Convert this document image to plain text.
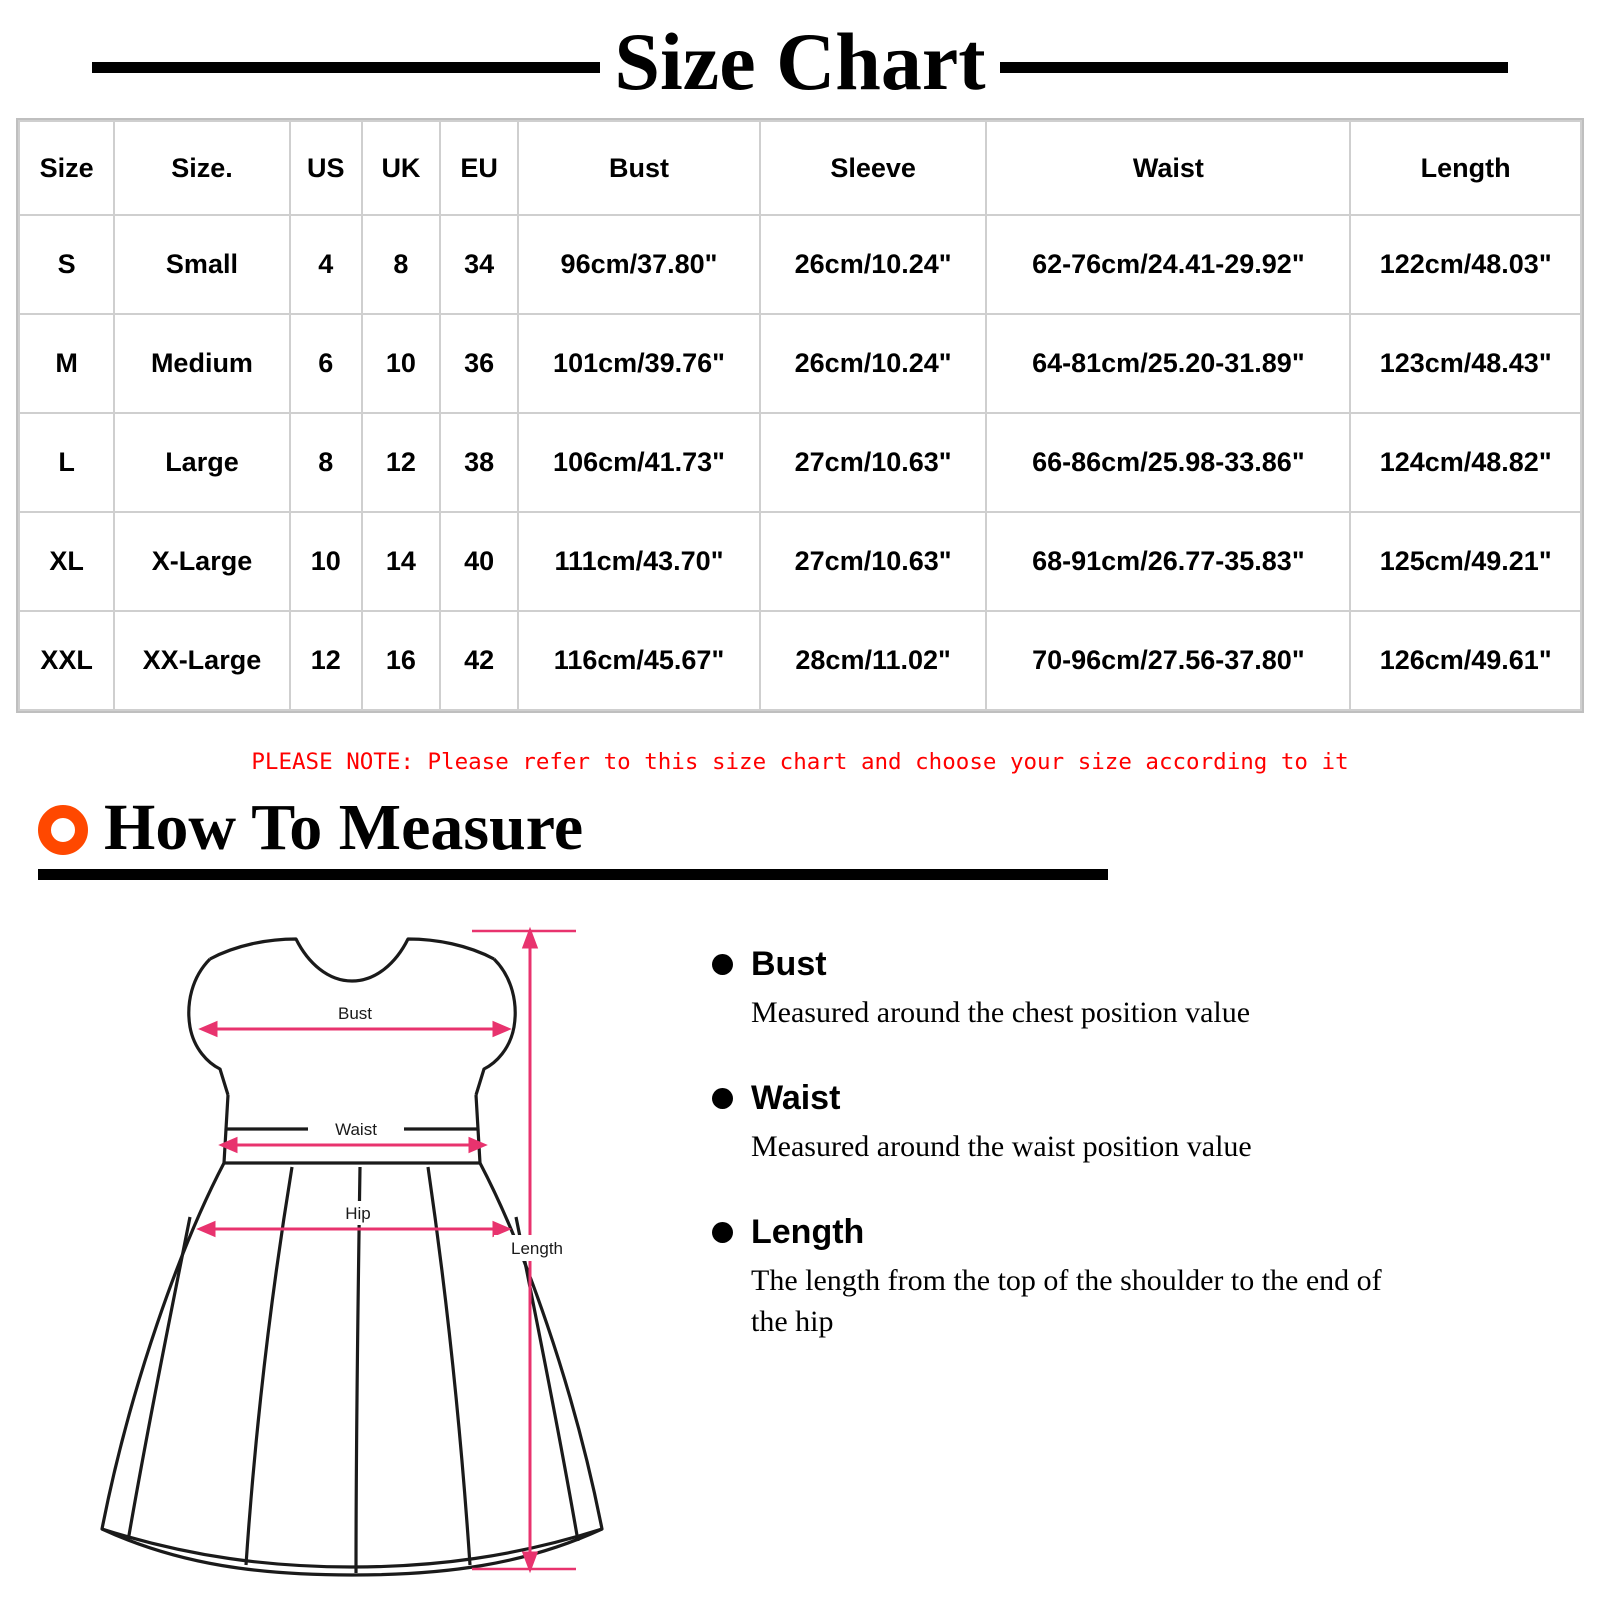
Size Chart
Size	Size.	US	UK	EU	Bust	Sleeve	Waist	Length
S	Small	4	8	34	96cm/37.80"	26cm/10.24"	62-76cm/24.41-29.92"	122cm/48.03"
M	Medium	6	10	36	101cm/39.76"	26cm/10.24"	64-81cm/25.20-31.89"	123cm/48.43"
L	Large	8	12	38	106cm/41.73"	27cm/10.63"	66-86cm/25.98-33.86"	124cm/48.82"
XL	X-Large	10	14	40	111cm/43.70"	27cm/10.63"	68-91cm/26.77-35.83"	125cm/49.21"
XXL	XX-Large	12	16	42	116cm/45.67"	28cm/11.02"	70-96cm/27.56-37.80"	126cm/49.61"
PLEASE NOTE: Please refer to this size chart and choose your size according to it
How To Measure
Bust
Waist
Hip
Length
Bust
Measured around the chest position value
Waist
Measured around the waist position value
Length
The length from the top of the shoulder to the end of the hip
